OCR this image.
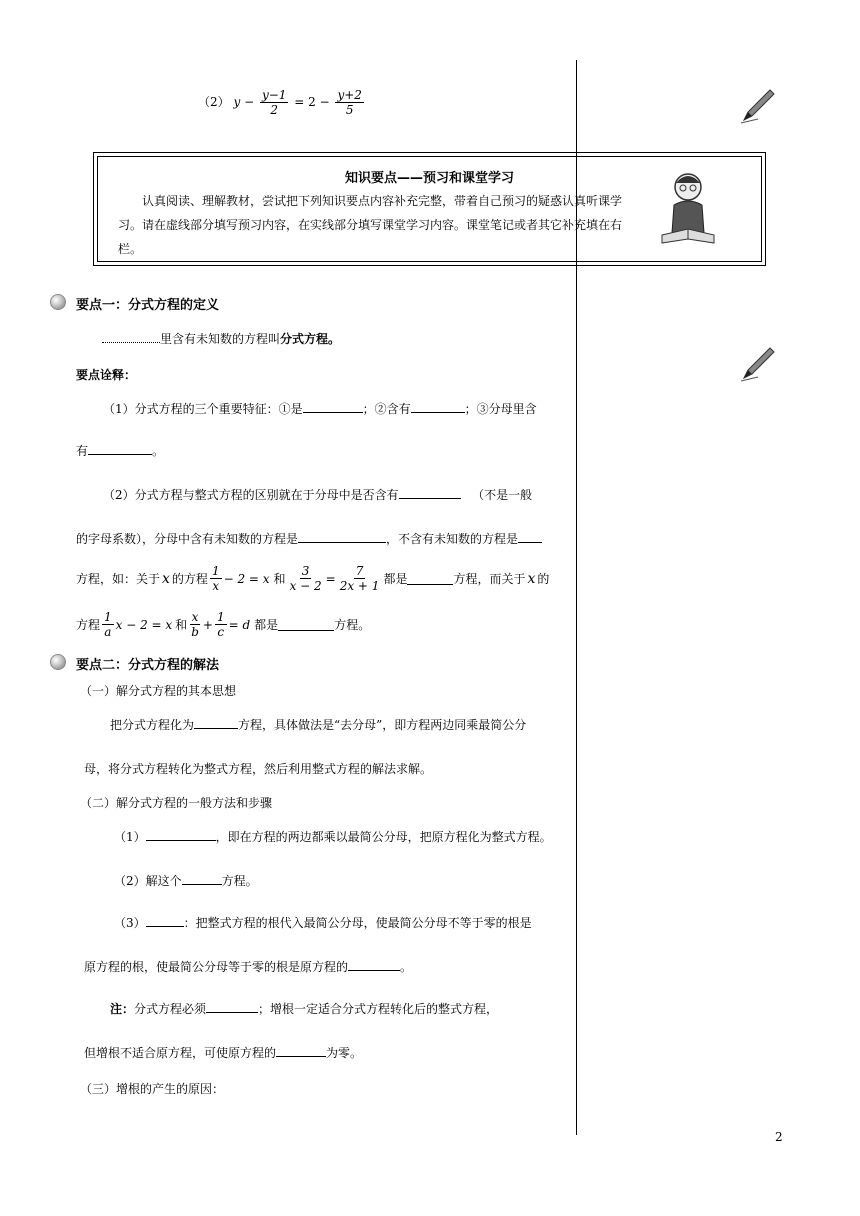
（2） $y - \frac{y-1}{2} = 2 - \frac{y+2}{5}$
知识要点——预习和课堂学习
认真阅读、理解教材，尝试把下列知识要点内容补充完整，带着自己预习的疑惑认真听课学习。请在虚线部分填写预习内容，在实线部分填写课堂学习内容。课堂笔记或者其它补充填在右栏。
要点一：分式方程的定义
里含有未知数的方程叫分式方程。
要点诠释：
（1）分式方程的三个重要特征：①是	；②含有	；③分母里含
有	。
（2）分式方程与整式方程的区别就在于分母中是否含有	（不是一般
的字母系数），分母中含有未知数的方程是	，不含有未知数的方程是
方程，如：关于 x 的方程 $\frac{1}{x} - 2 = x$ 和 $\frac{3}{x - 2} = \frac{7}{2x + 1}$ 都是	方程，而关于 x 的
方程 $\frac{1}{a}$ x − 2 = x 和 $\frac{x}{b} + \frac{1}{c} = d$ 都是	方程。
要点二：分式方程的解法
（一）解分式方程的其本思想
把分式方程化为	方程，具体做法是“去分母”，即方程两边同乘最简公分
母，将分式方程转化为整式方程，然后利用整式方程的解法求解。
（二）解分式方程的一般方法和步骤
（1）	，即在方程的两边都乘以最简公分母，把原方程化为整式方程。
（2）解这个	方程。
（3）	：把整式方程的根代入最简公分母，使最简公分母不等于零的根是
原方程的根，使最简公分母等于零的根是原方程的	。
注：分式方程必须	；增根一定适合分式方程转化后的整式方程，
但增根不适合原方程，可使原方程的	为零。
（三）增根的产生的原因：
2
